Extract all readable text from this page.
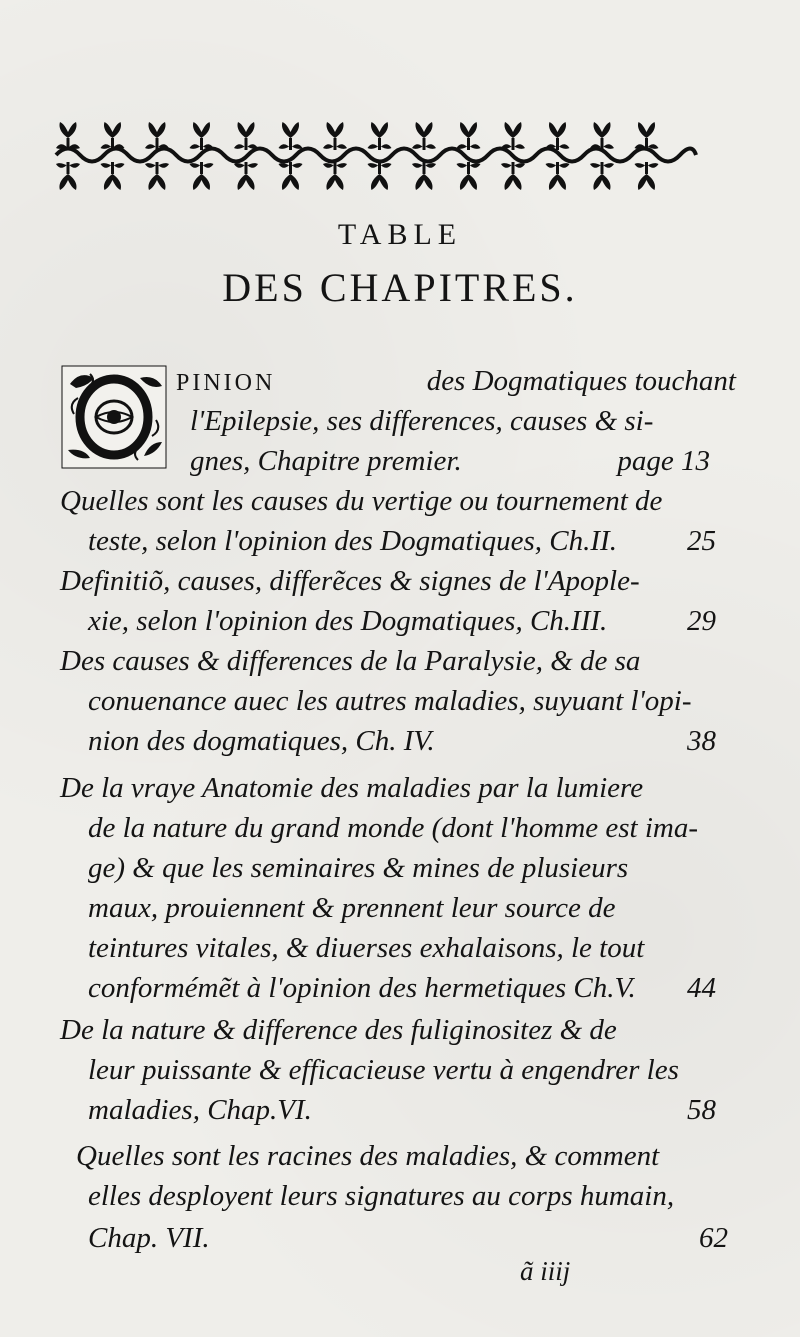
TABLE
DES CHAPITRES.
PINION	des Dogmatiques touchant
l'Epilepsie, ses differences, causes & si-
gnes, Chapitre premier.	page 13
Quelles sont les causes du vertige ou tournement de
teste, selon l'opinion des Dogmatiques, Ch.II. 25
Definitiõ, causes, differẽces & signes de l'Apople-
xie, selon l'opinion des Dogmatiques, Ch.III.	29
Des causes & differences de la Paralysie, & de sa
conuenance auec les autres maladies, suyuant l'opi-
nion des dogmatiques, Ch. IV.	38
De la vraye Anatomie des maladies par la lumiere
de la nature du grand monde (dont l'homme est ima-
ge) & que les seminaires & mines de plusieurs
maux, prouiennent & prennent leur source de
teintures vitales, & diuerses exhalaisons, le tout
conformémẽt à l'opinion des hermetiques Ch.V. 44
De la nature & difference des fuliginositez & de
leur puissante & efficacieuse vertu à engendrer les
maladies, Chap.VI.	58
Quelles sont les racines des maladies, & comment
elles desployent leurs signatures au corps humain,
Chap. VII.	62
ã iiij
